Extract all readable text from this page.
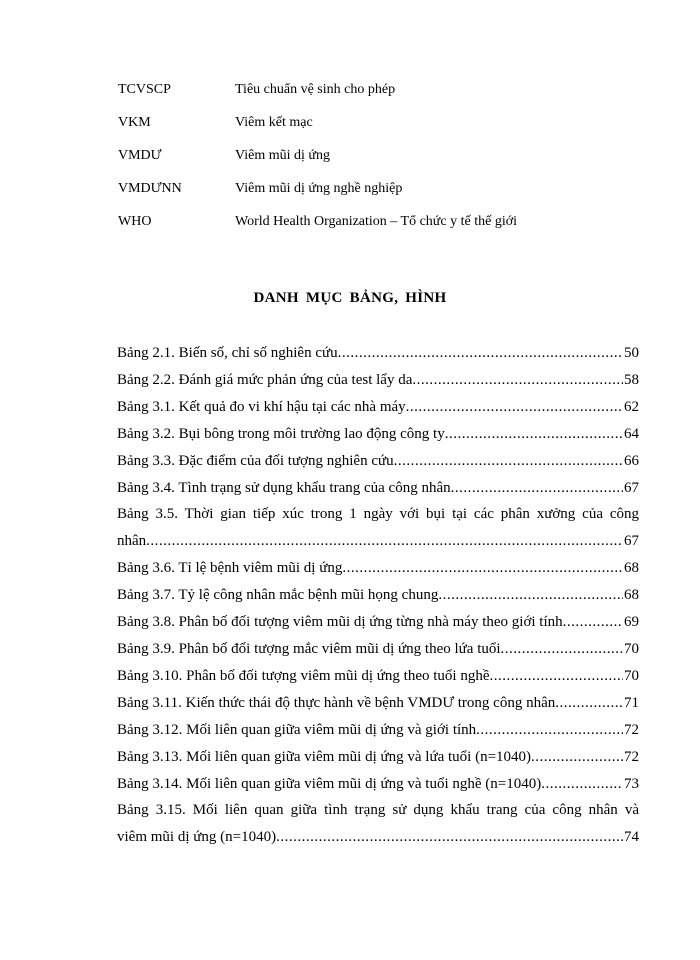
TCVSCP	Tiêu chuẩn vệ sinh cho phép
VKM	Viêm kết mạc
VMDƯ	Viêm mũi dị ứng
VMDƯNN	Viêm mũi dị ứng nghề nghiệp
WHO	World Health Organization – Tổ chức y tế thế giới
DANH MỤC BẢNG, HÌNH
Bảng 2.1. Biến số, chỉ số nghiên cứu .....	50
Bảng 2.2. Đánh giá mức phản ứng của test lẩy da .....	58
Bảng 3.1. Kết quả đo vi khí hậu tại các nhà máy .....	62
Bảng 3.2. Bụi bông trong môi trường lao động công ty .....	64
Bảng 3.3. Đặc điểm của đối tượng nghiên cứu .....	66
Bảng 3.4. Tình trạng sử dụng khẩu trang của công nhân .....	67
Bảng 3.5. Thời gian tiếp xúc trong 1 ngày với bụi tại các phân xưởng của công
nhân .....	67
Bảng 3.6. Tỉ lệ bệnh viêm mũi dị ứng .....	68
Bảng 3.7. Tỷ lệ công nhân mắc bệnh mũi họng chung .....	68
Bảng 3.8. Phân bố đối tượng viêm mũi dị ứng từng nhà máy theo giới tính .....	69
Bảng 3.9. Phân bố đối tượng mắc viêm mũi dị ứng theo lứa tuổi .....	70
Bảng 3.10. Phân bố đối tượng viêm mũi dị ứng theo tuổi nghề .....	70
Bảng 3.11. Kiến thức thái độ thực hành về bệnh VMDƯ trong công nhân .....	71
Bảng 3.12. Mối liên quan giữa viêm mũi dị ứng và giới tính .....	72
Bảng 3.13. Mối liên quan giữa viêm mũi dị ứng và lứa tuổi (n=1040) .....	72
Bảng 3.14. Mối liên quan giữa viêm mũi dị ứng và tuổi nghề (n=1040) .....	73
Bảng 3.15. Mối liên quan giữa tình trạng sử dụng khẩu trang của công nhân và
viêm mũi dị ứng (n=1040) .....	74
